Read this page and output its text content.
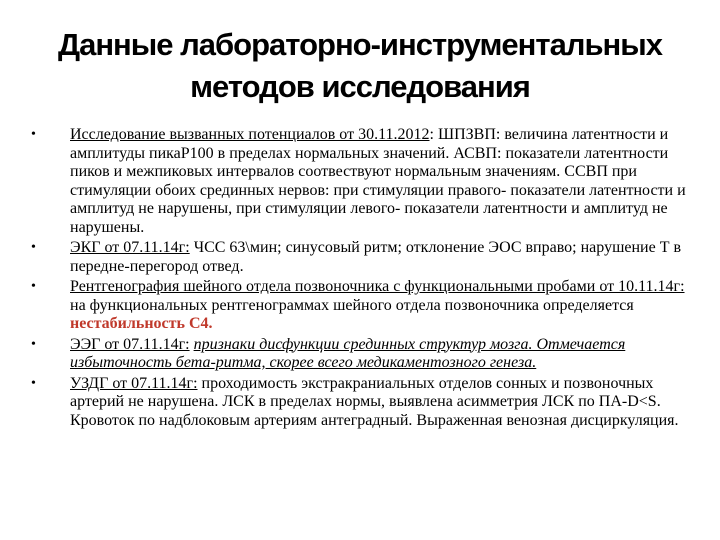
Данные лабораторно-инструментальных
методов исследования
• Исследование вызванных потенциалов от 30.11.2012: ШПЗВП: величина латентности и амплитуды пикаP100 в пределах нормальных значений. АСВП: показатели латентности пиков и межпиковых интервалов соотвествуют нормальным значениям. ССВП при стимуляции обоих срединных нервов: при стимуляции правого- показатели латентности и амплитуд не нарушены, при стимуляции левого- показатели латентности и амплитуд не нарушены.
• ЭКГ от 07.11.14г: ЧСС 63\мин; синусовый ритм; отклонение ЭОС вправо; нарушение Т в передне-перегород отвед.
• Рентгенография шейного отдела позвоночника с функциональными пробами от 10.11.14г: на функциональных рентгенограммах шейного отдела позвоночника определяется нестабильность С4.
• ЭЭГ от 07.11.14г: признаки дисфункции срединных структур мозга. Отмечается избыточность бета-ритма, скорее всего медикаментозного генеза.
• УЗДГ от 07.11.14г: проходимость экстракраниальных отделов сонных и позвоночных артерий не нарушена. ЛСК в пределах нормы, выявлена асимметрия ЛСК по ПА-D<S. Кровоток по надблоковым артериям антеградный. Выраженная венозная дисциркуляция.
